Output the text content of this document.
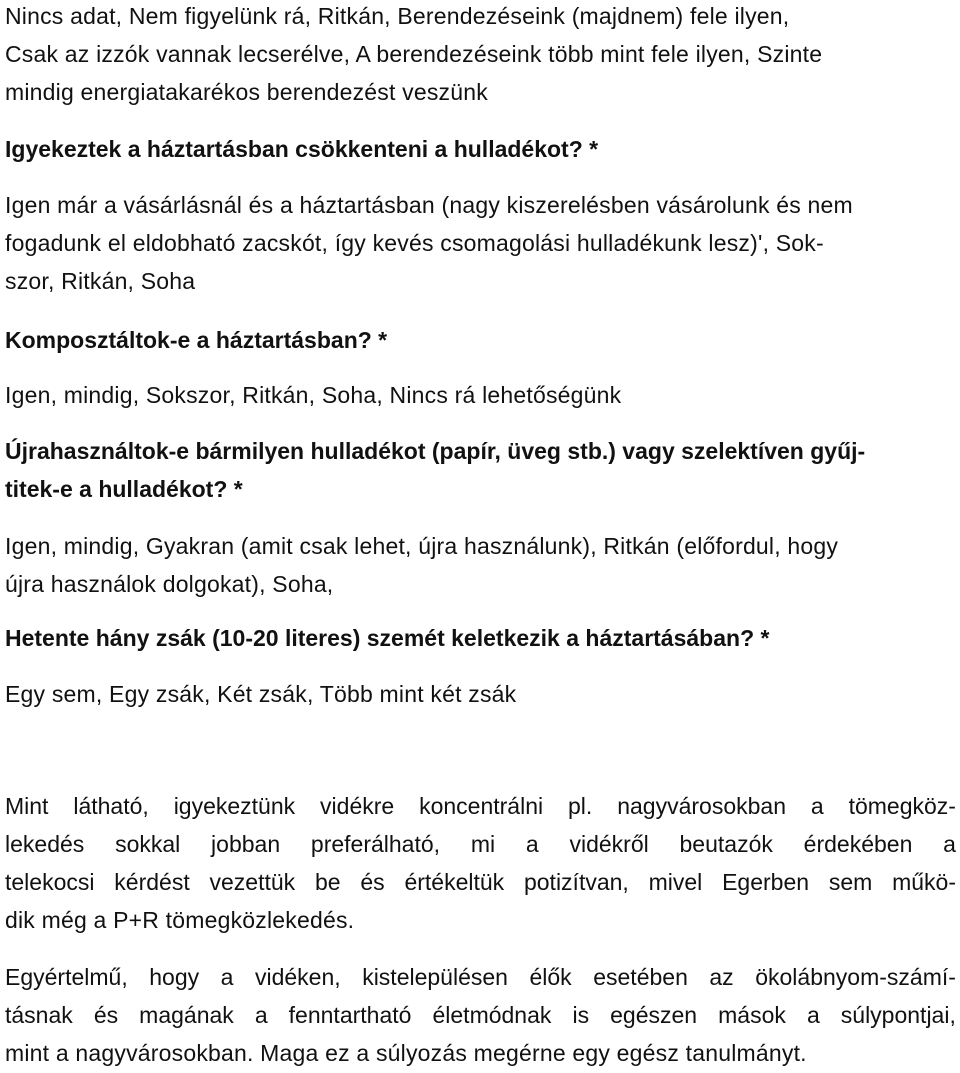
Nincs adat, Nem figyelünk rá, Ritkán, Berendezéseink (majdnem) fele ilyen,
Csak az izzók vannak lecserélve, A berendezéseink több mint fele ilyen, Szinte
mindig energiatakarékos berendezést veszünk
Igyekeztek a háztartásban csökkenteni a hulladékot? *
Igen már a vásárlásnál és a háztartásban (nagy kiszerelésben vásárolunk és nem
fogadunk el eldobható zacskót, így kevés csomagolási hulladékunk lesz)', Sok-
szor, Ritkán, Soha
Komposztáltok-e a háztartásban? *
Igen, mindig, Sokszor, Ritkán, Soha, Nincs rá lehetőségünk
Újrahasználtok-e bármilyen hulladékot (papír, üveg stb.) vagy szelektíven gyűj-
titek-e a hulladékot? *
Igen, mindig, Gyakran (amit csak lehet, újra használunk), Ritkán (előfordul, hogy
újra használok dolgokat), Soha,
Hetente hány zsák (10-20 literes) szemét keletkezik a háztartásában? *
Egy sem, Egy zsák, Két zsák, Több mint két zsák
Mint látható, igyekeztünk vidékre koncentrálni pl. nagyvárosokban a tömegköz-
lekedés sokkal jobban preferálható, mi a vidékről beutazók érdekében a
telekocsi kérdést vezettük be és értékeltük potizítvan, mivel Egerben sem műkö-
dik még a P+R tömegközlekedés.
Egyértelmű, hogy a vidéken, kistelepülésen élők esetében az ökolábnyom-számí-
tásnak és magának a fenntartható életmódnak is egészen mások a súlypontjai,
mint a nagyvárosokban. Maga ez a súlyozás megérne egy egész tanulmányt.
